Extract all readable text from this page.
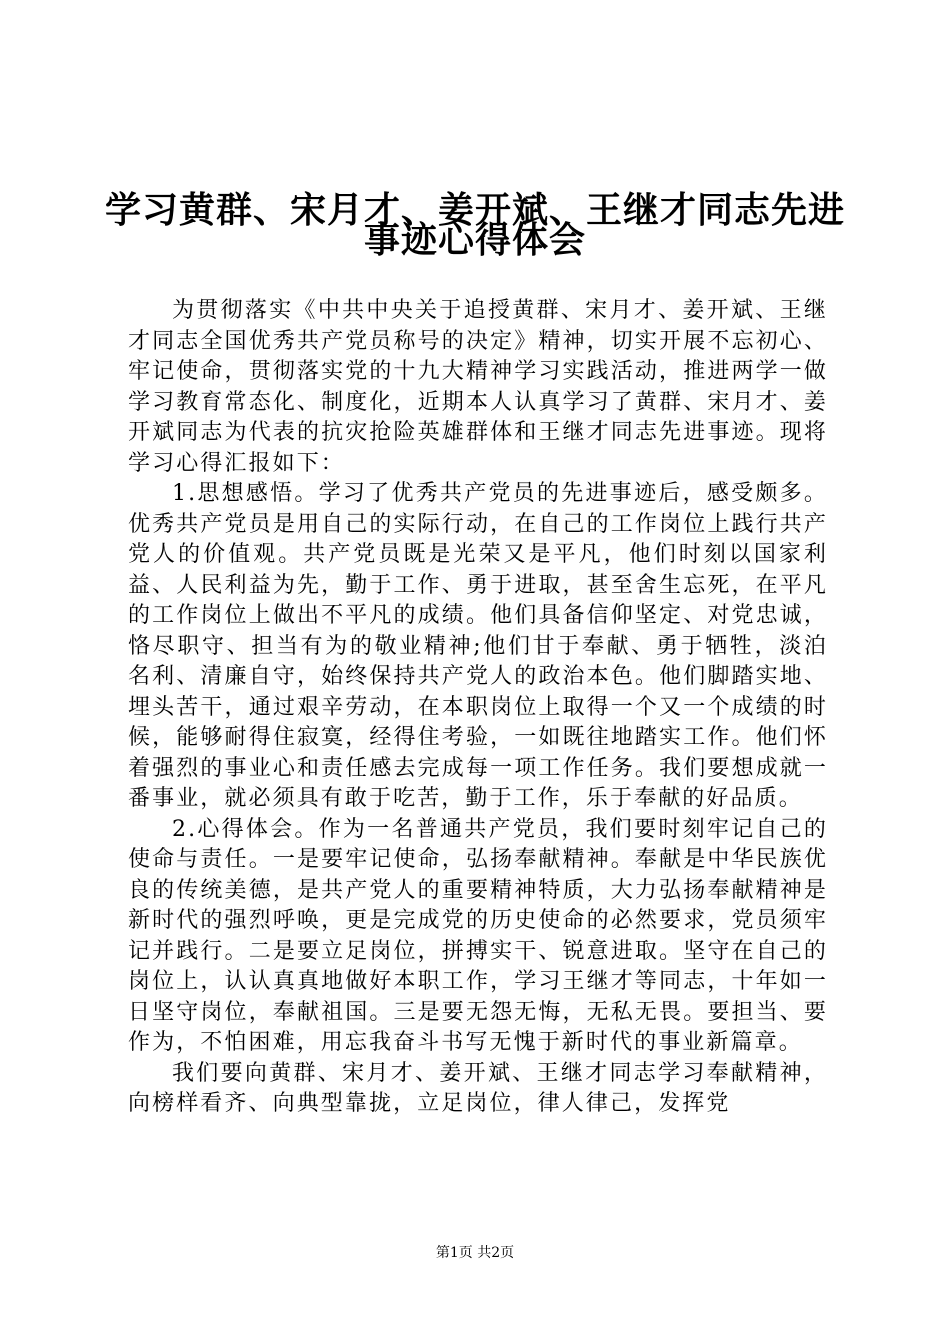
学习黄群、宋月才、姜开斌、王继才同志先进
事迹心得体会

为贯彻落实《中共中央关于追授黄群、宋月才、姜开斌、王继才同志全国优秀共产党员称号的决定》精神，切实开展不忘初心、牢记使命，贯彻落实党的十九大精神学习实践活动，推进两学一做学习教育常态化、制度化，近期本人认真学习了黄群、宋月才、姜开斌同志为代表的抗灾抢险英雄群体和王继才同志先进事迹。现将学习心得汇报如下：

1.思想感悟。学习了优秀共产党员的先进事迹后，感受颇多。优秀共产党员是用自己的实际行动，在自己的工作岗位上践行共产党人的价值观。共产党员既是光荣又是平凡，他们时刻以国家利益、人民利益为先，勤于工作、勇于进取，甚至舍生忘死，在平凡的工作岗位上做出不平凡的成绩。他们具备信仰坚定、对党忠诚，恪尽职守、担当有为的敬业精神;他们甘于奉献、勇于牺牲，淡泊名利、清廉自守，始终保持共产党人的政治本色。他们脚踏实地、埋头苦干，通过艰辛劳动，在本职岗位上取得一个又一个成绩的时候，能够耐得住寂寞，经得住考验，一如既往地踏实工作。他们怀着强烈的事业心和责任感去完成每一项工作任务。我们要想成就一番事业，就必须具有敢于吃苦，勤于工作，乐于奉献的好品质。

2.心得体会。作为一名普通共产党员，我们要时刻牢记自己的使命与责任。一是要牢记使命，弘扬奉献精神。奉献是中华民族优良的传统美德，是共产党人的重要精神特质，大力弘扬奉献精神是新时代的强烈呼唤，更是完成党的历史使命的必然要求，党员须牢记并践行。二是要立足岗位，拼搏实干、锐意进取。坚守在自己的岗位上，认认真真地做好本职工作，学习王继才等同志，十年如一日坚守岗位，奉献祖国。三是要无怨无悔，无私无畏。要担当、要作为，不怕困难，用忘我奋斗书写无愧于新时代的事业新篇章。

我们要向黄群、宋月才、姜开斌、王继才同志学习奉献精神，向榜样看齐、向典型靠拢，立足岗位，律人律己，发挥党

第1页 共2页
